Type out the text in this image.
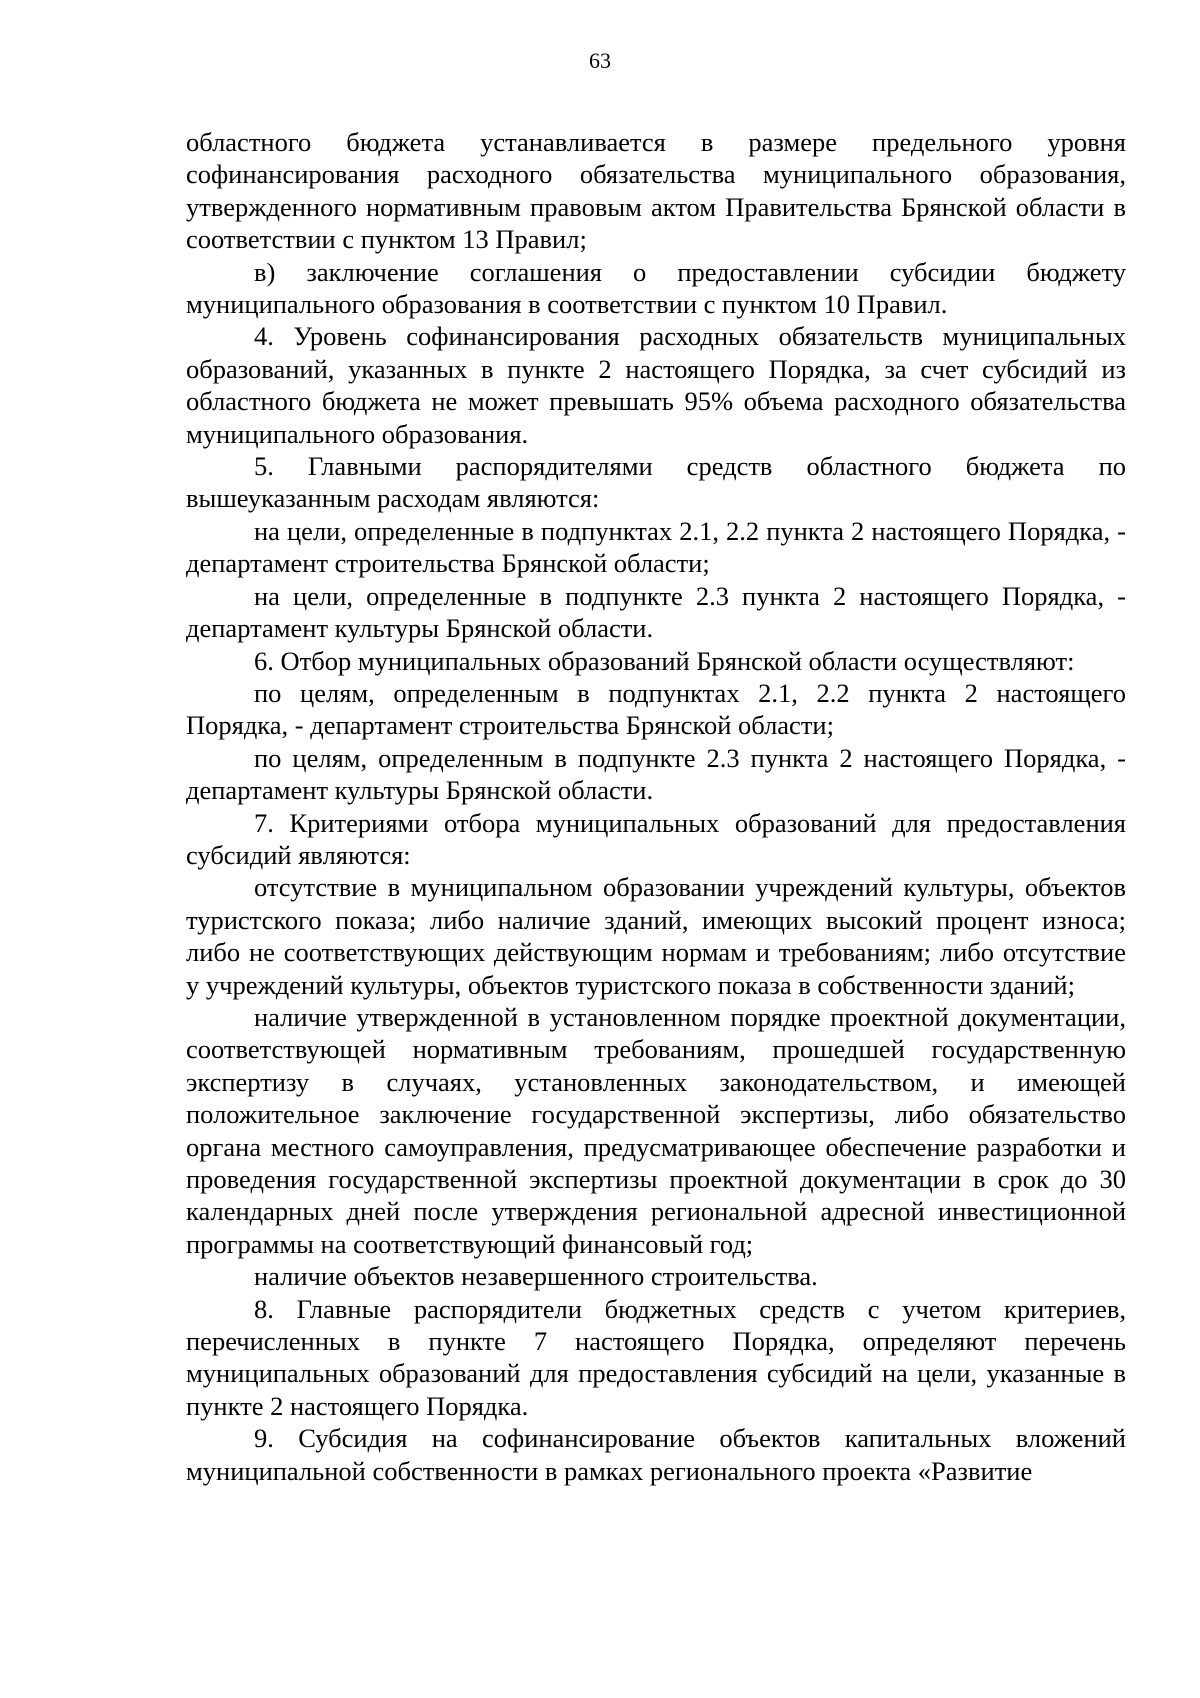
63

областного бюджета устанавливается в размере предельного уровня софинансирования расходного обязательства муниципального образования, утвержденного нормативным правовым актом Правительства Брянской области в соответствии с пунктом 13 Правил;

в) заключение соглашения о предоставлении субсидии бюджету муниципального образования в соответствии с пунктом 10 Правил.

4. Уровень софинансирования расходных обязательств муниципальных образований, указанных в пункте 2 настоящего Порядка, за счет субсидий из областного бюджета не может превышать 95% объема расходного обязательства муниципального образования.

5. Главными распорядителями средств областного бюджета по вышеуказанным расходам являются:

на цели, определенные в подпунктах 2.1, 2.2 пункта 2 настоящего Порядка, - департамент строительства Брянской области;

на цели, определенные в подпункте 2.3 пункта 2 настоящего Порядка, - департамент культуры Брянской области.

6. Отбор муниципальных образований Брянской области осуществляют:

по целям, определенным в подпунктах 2.1, 2.2 пункта 2 настоящего Порядка, - департамент строительства Брянской области;

по целям, определенным в подпункте 2.3 пункта 2 настоящего Порядка, - департамент культуры Брянской области.

7. Критериями отбора муниципальных образований для предоставления субсидий являются:

отсутствие в муниципальном образовании учреждений культуры, объектов туристского показа; либо наличие зданий, имеющих высокий процент износа; либо не соответствующих действующим нормам и требованиям; либо отсутствие у учреждений культуры, объектов туристского показа в собственности зданий;

наличие утвержденной в установленном порядке проектной документации, соответствующей нормативным требованиям, прошедшей государственную экспертизу в случаях, установленных законодательством, и имеющей положительное заключение государственной экспертизы, либо обязательство органа местного самоуправления, предусматривающее обеспечение разработки и проведения государственной экспертизы проектной документации в срок до 30 календарных дней после утверждения региональной адресной инвестиционной программы на соответствующий финансовый год;

наличие объектов незавершенного строительства.

8. Главные распорядители бюджетных средств с учетом критериев, перечисленных в пункте 7 настоящего Порядка, определяют перечень муниципальных образований для предоставления субсидий на цели, указанные в пункте 2 настоящего Порядка.

9. Субсидия на софинансирование объектов капитальных вложений муниципальной собственности в рамках регионального проекта «Развитие
